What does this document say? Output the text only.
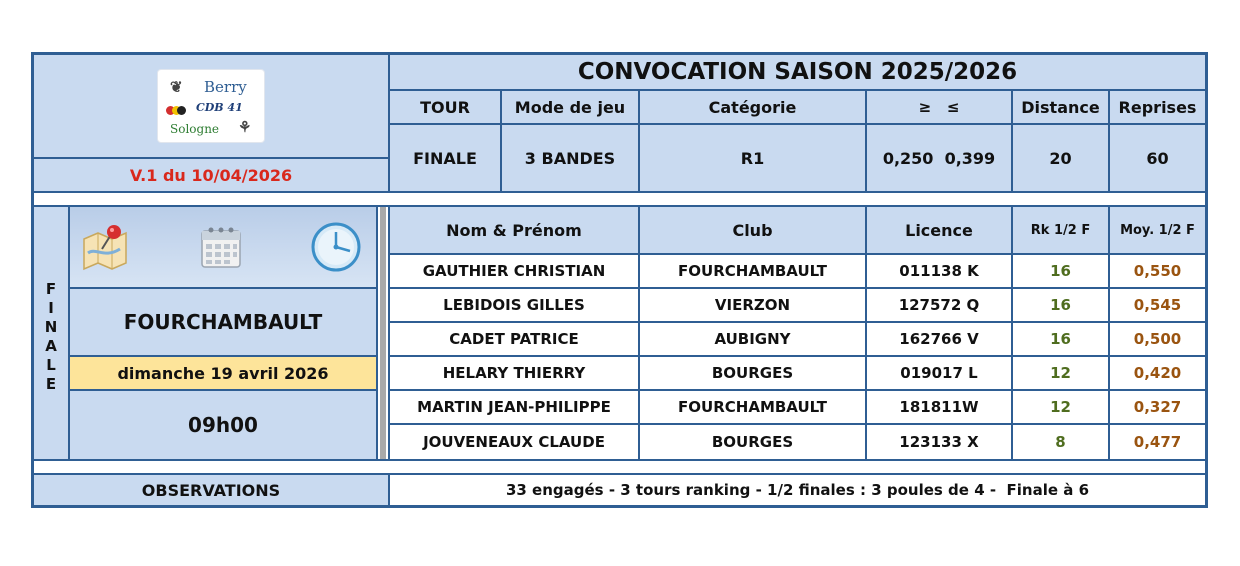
Berry
CDB 41
Sologne
❦
⚘
V.1 du 10/04/2026
CONVOCATION SAISON 2025/2026
TOUR	Mode de jeu	Catégorie	≥   ≤	Distance	Reprises
FINALE	3 BANDES	R1	0,250  0,399	20	60
F
I
N
A
L
E
FOURCHAMBAULT
dimanche 19 avril 2026
09h00
Nom & Prénom	Club	Licence	Rk 1/2 F	Moy. 1/2 F
GAUTHIER CHRISTIAN	FOURCHAMBAULT	011138 K	16	0,550
LEBIDOIS GILLES	VIERZON	127572 Q	16	0,545
CADET PATRICE	AUBIGNY	162766 V	16	0,500
HELARY THIERRY	BOURGES	019017 L	12	0,420
MARTIN JEAN-PHILIPPE	FOURCHAMBAULT	181811W	12	0,327
JOUVENEAUX CLAUDE	BOURGES	123133 X	8	0,477
OBSERVATIONS	33 engagés - 3 tours ranking - 1/2 finales : 3 poules de 4 -  Finale à 6
